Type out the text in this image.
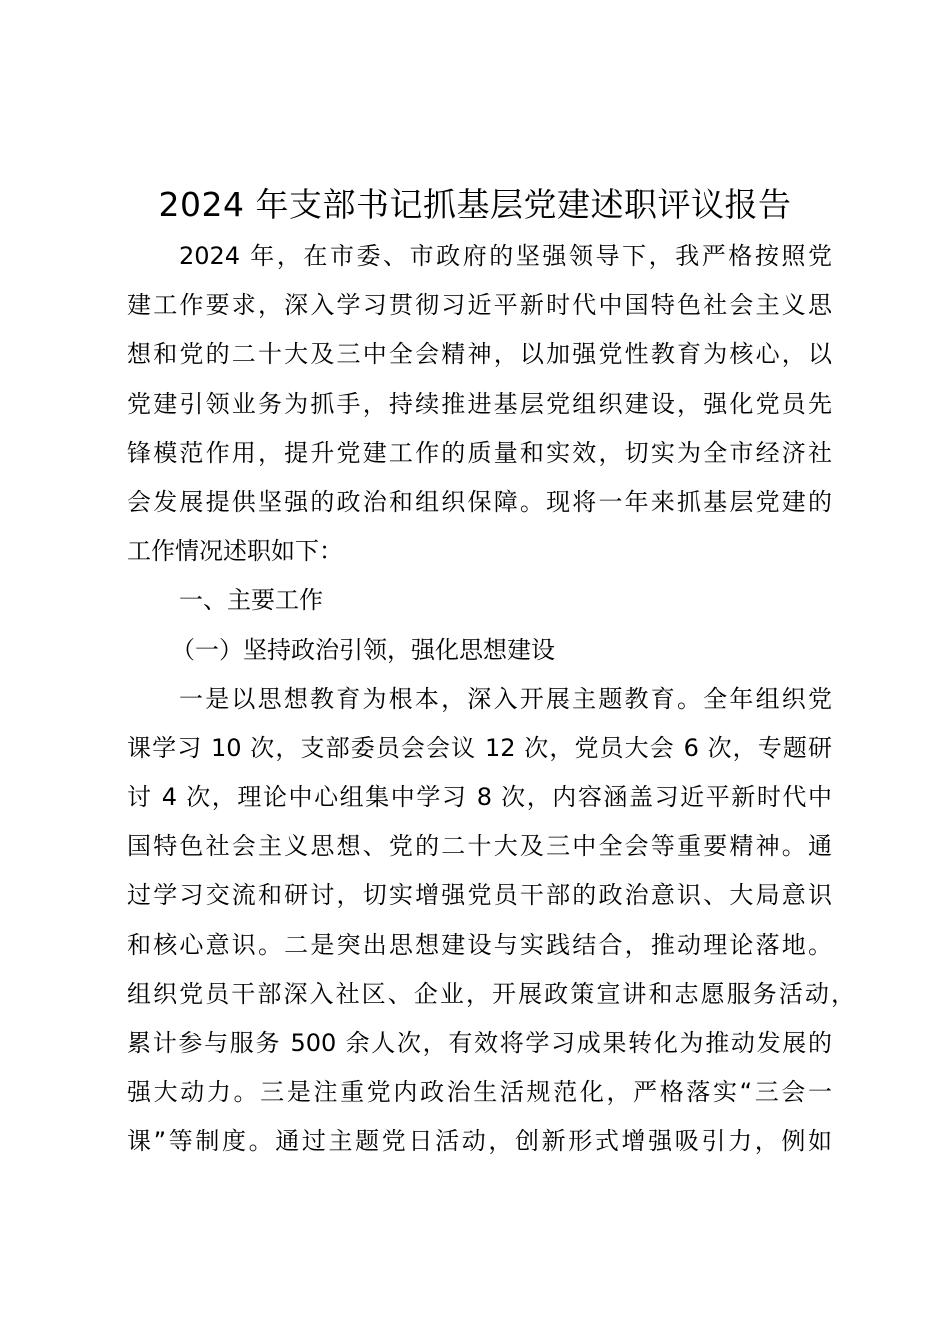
2024 年支部书记抓基层党建述职评议报告
2024 年，在市委、市政府的坚强领导下，我严格按照党
建工作要求，深入学习贯彻习近平新时代中国特色社会主义思
想和党的二十大及三中全会精神，以加强党性教育为核心，以
党建引领业务为抓手，持续推进基层党组织建设，强化党员先
锋模范作用，提升党建工作的质量和实效，切实为全市经济社
会发展提供坚强的政治和组织保障。现将一年来抓基层党建的
工作情况述职如下：
一、主要工作
（一）坚持政治引领，强化思想建设
一是以思想教育为根本，深入开展主题教育。全年组织党
课学习 10 次，支部委员会会议 12 次，党员大会 6 次，专题研
讨 4 次，理论中心组集中学习 8 次，内容涵盖习近平新时代中
国特色社会主义思想、党的二十大及三中全会等重要精神。通
过学习交流和研讨，切实增强党员干部的政治意识、大局意识
和核心意识。二是突出思想建设与实践结合，推动理论落地。
组织党员干部深入社区、企业，开展政策宣讲和志愿服务活动，
累计参与服务 500 余人次，有效将学习成果转化为推动发展的
强大动力。三是注重党内政治生活规范化，严格落实“三会一
课”等制度。通过主题党日活动，创新形式增强吸引力，例如
